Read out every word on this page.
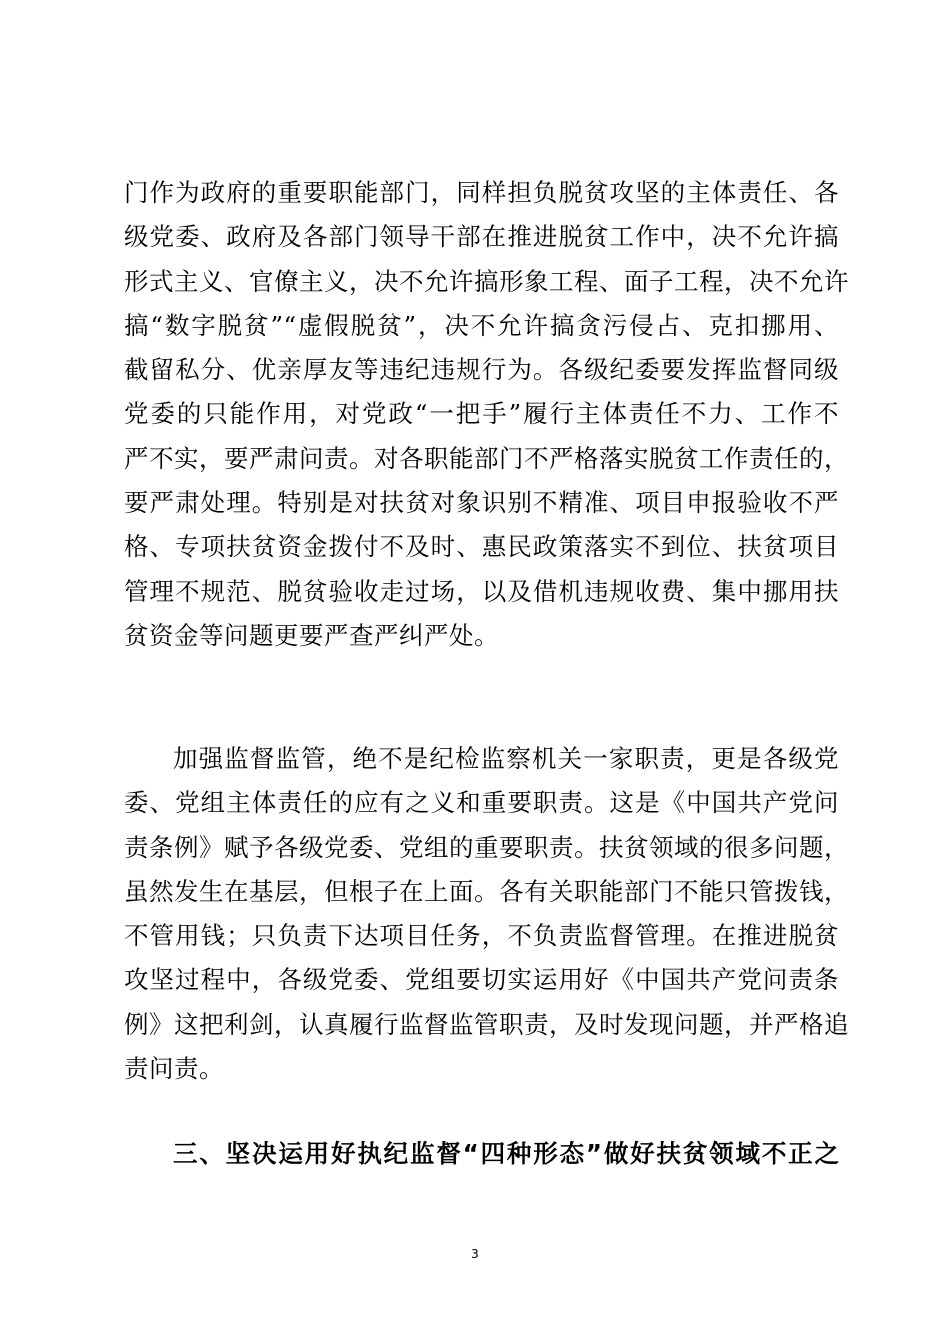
门作为政府的重要职能部门，同样担负脱贫攻坚的主体责任、各
级党委、政府及各部门领导干部在推进脱贫工作中，决不允许搞
形式主义、官僚主义，决不允许搞形象工程、面子工程，决不允许
搞“数字脱贫”“虚假脱贫”，决不允许搞贪污侵占、克扣挪用、
截留私分、优亲厚友等违纪违规行为。各级纪委要发挥监督同级
党委的只能作用，对党政“一把手”履行主体责任不力、工作不
严不实，要严肃问责。对各职能部门不严格落实脱贫工作责任的，
要严肃处理。特别是对扶贫对象识别不精准、项目申报验收不严
格、专项扶贫资金拨付不及时、惠民政策落实不到位、扶贫项目
管理不规范、脱贫验收走过场，以及借机违规收费、集中挪用扶
贫资金等问题更要严查严纠严处。
加强监督监管，绝不是纪检监察机关一家职责，更是各级党
委、党组主体责任的应有之义和重要职责。这是《中国共产党问
责条例》赋予各级党委、党组的重要职责。扶贫领域的很多问题，
虽然发生在基层，但根子在上面。各有关职能部门不能只管拨钱，
不管用钱；只负责下达项目任务，不负责监督管理。在推进脱贫
攻坚过程中，各级党委、党组要切实运用好《中国共产党问责条
例》这把利剑，认真履行监督监管职责，及时发现问题，并严格追
责问责。
三、坚决运用好执纪监督“四种形态”做好扶贫领域不正之
3
